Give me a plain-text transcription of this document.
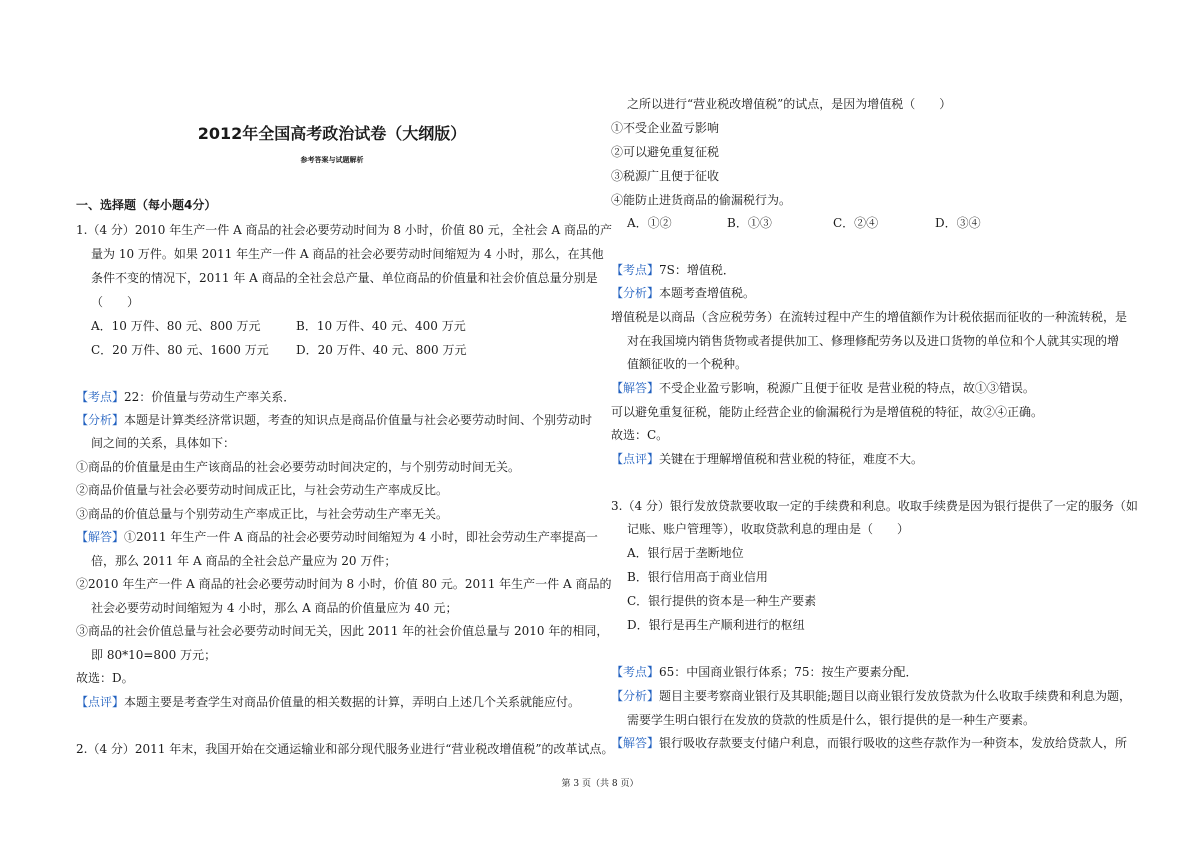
2012年全国高考政治试卷（大纲版）
参考答案与试题解析
一、选择题（每小题4分）
1.（4 分）2010 年生产一件 A 商品的社会必要劳动时间为 8 小时，价值 80 元，全社会 A 商品的产
量为 10 万件。如果 2011 年生产一件 A 商品的社会必要劳动时间缩短为 4 小时，那么，在其他
条件不变的情况下，2011 年 A 商品的全社会总产量、单位商品的价值量和社会价值总量分别是
（　　）
A．10 万件、80 元、800 万元	B．10 万件、40 元、400 万元
C．20 万件、80 元、1600 万元 D．20 万件、40 元、800 万元
【考点】22：价值量与劳动生产率关系．
【分析】本题是计算类经济常识题，考查的知识点是商品价值量与社会必要劳动时间、个别劳动时
间之间的关系，具体如下：
①商品的价值量是由生产该商品的社会必要劳动时间决定的，与个别劳动时间无关。
②商品价值量与社会必要劳动时间成正比，与社会劳动生产率成反比。
③商品的价值总量与个别劳动生产率成正比，与社会劳动生产率无关。
【解答】①2011 年生产一件 A 商品的社会必要劳动时间缩短为 4 小时，即社会劳动生产率提高一
倍，那么 2011 年 A 商品的全社会总产量应为 20 万件；
②2010 年生产一件 A 商品的社会必要劳动时间为 8 小时，价值 80 元。2011 年生产一件 A 商品的
社会必要劳动时间缩短为 4 小时，那么 A 商品的价值量应为 40 元；
③商品的社会价值总量与社会必要劳动时间无关，因此 2011 年的社会价值总量与 2010 年的相同，
即 80*10=800 万元；
故选：D。
【点评】本题主要是考查学生对商品价值量的相关数据的计算，弄明白上述几个关系就能应付。
2.（4 分）2011 年末，我国开始在交通运输业和部分现代服务业进行“营业税改增值税”的改革试点。
之所以进行“营业税改增值税”的试点，是因为增值税（　　）
①不受企业盈亏影响
②可以避免重复征税
③税源广且便于征收
④能防止进货商品的偷漏税行为。
A．①②	B．①③	C．②④	D．③④
【考点】7S：增值税．
【分析】本题考查增值税。
增值税是以商品（含应税劳务）在流转过程中产生的增值额作为计税依据而征收的一种流转税，是
对在我国境内销售货物或者提供加工、修理修配劳务以及进口货物的单位和个人就其实现的增
值额征收的一个税种。
【解答】不受企业盈亏影响，税源广且便于征收 是营业税的特点，故①③错误。
可以避免重复征税，能防止经营企业的偷漏税行为是增值税的特征，故②④正确。
故选：C。
【点评】关键在于理解增值税和营业税的特征，难度不大。
3.（4 分）银行发放贷款要收取一定的手续费和利息。收取手续费是因为银行提供了一定的服务（如
记账、账户管理等），收取贷款利息的理由是（　　）
A．银行居于垄断地位
B．银行信用高于商业信用
C．银行提供的资本是一种生产要素
D．银行是再生产顺利进行的枢纽
【考点】65：中国商业银行体系；75：按生产要素分配．
【分析】题目主要考察商业银行及其职能;题目以商业银行发放贷款为什么收取手续费和利息为题，
需要学生明白银行在发放的贷款的性质是什么，银行提供的是一种生产要素。
【解答】银行吸收存款要支付储户利息，而银行吸收的这些存款作为一种资本，发放给贷款人，所
第 3 页（共 8 页）
